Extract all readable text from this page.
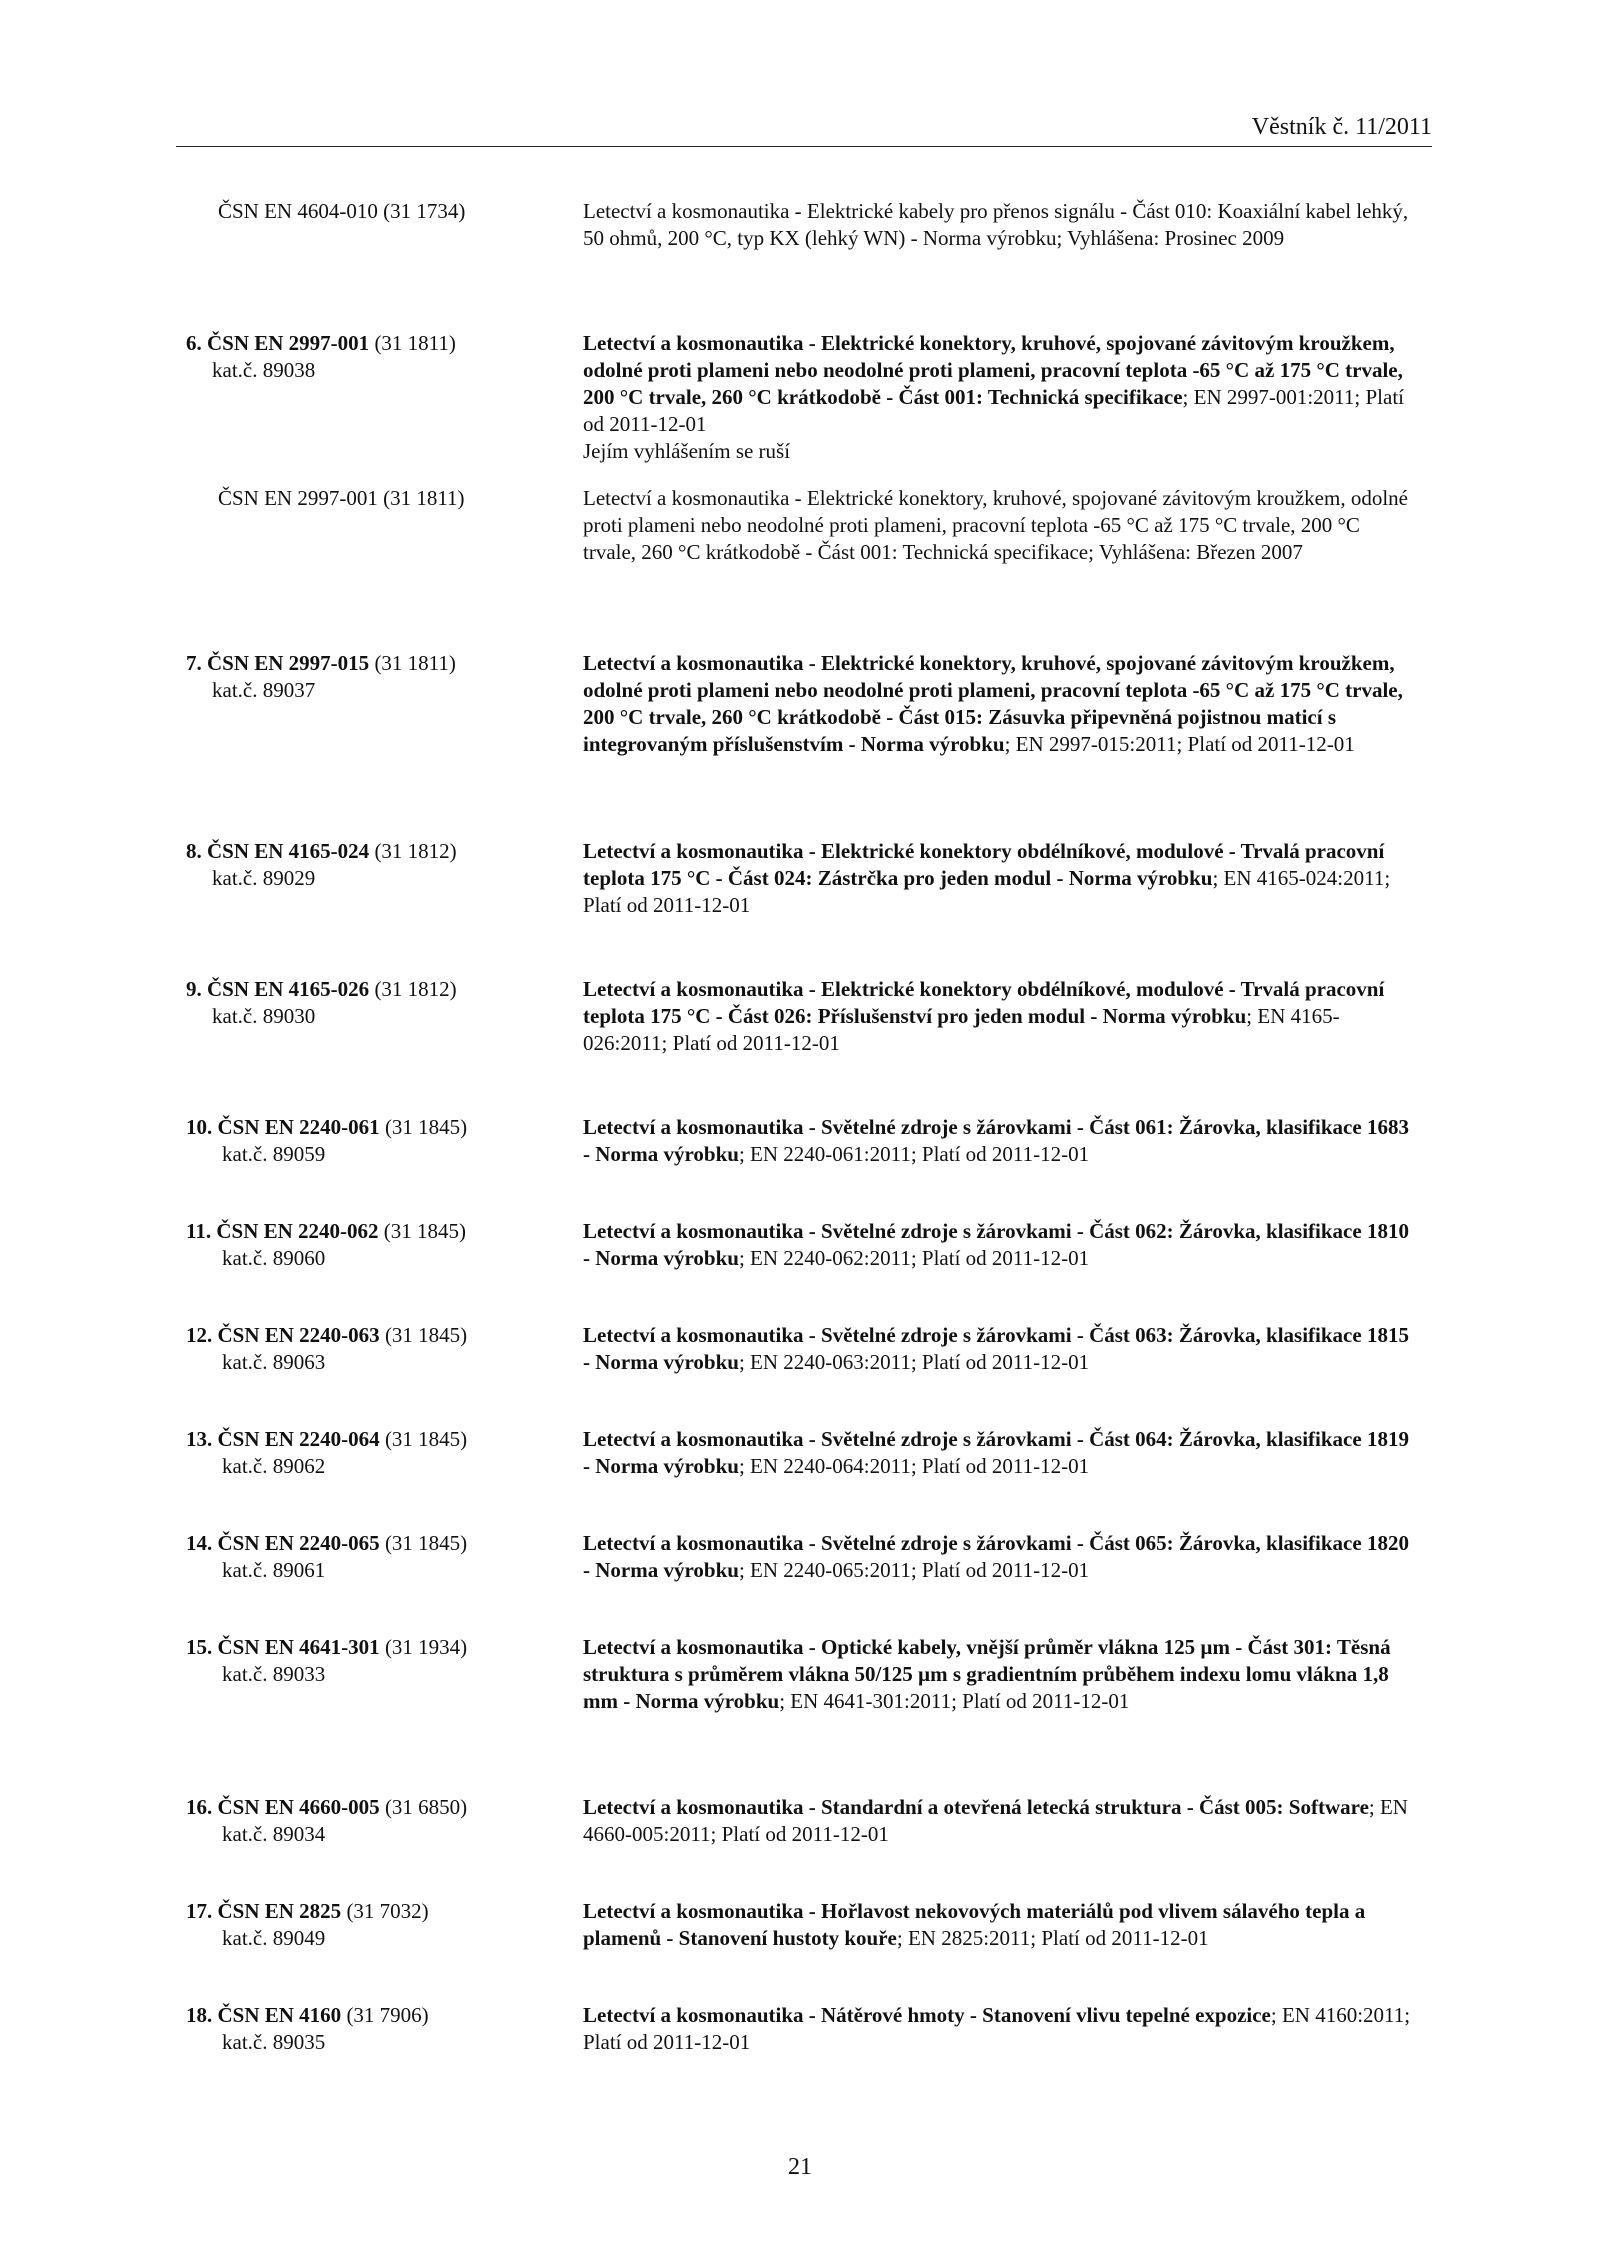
Věstník č. 11/2011
ČSN EN 4604-010 (31 1734)	Letectví a kosmonautika - Elektrické kabely pro přenos signálu - Část 010: Koaxiální kabel lehký, 50 ohmů, 200 °C, typ KX (lehký WN) - Norma výrobku; Vyhlášena: Prosinec 2009
6. ČSN EN 2997-001 (31 1811)
kat.č. 89038
Letectví a kosmonautika - Elektrické konektory, kruhové, spojované závitovým kroužkem, odolné proti plameni nebo neodolné proti plameni, pracovní teplota -65 °C až 175 °C trvale, 200 °C trvale, 260 °C krátkodobě - Část 001: Technická specifikace; EN 2997-001:2011; Platí od 2011-12-01
Jejím vyhlášením se ruší
ČSN EN 2997-001 (31 1811)	Letectví a kosmonautika - Elektrické konektory, kruhové, spojované závitovým kroužkem, odolné proti plameni nebo neodolné proti plameni, pracovní teplota -65 °C až 175 °C trvale, 200 °C trvale, 260 °C krátkodobě - Část 001: Technická specifikace; Vyhlášena: Březen 2007
7. ČSN EN 2997-015 (31 1811)
kat.č. 89037
Letectví a kosmonautika - Elektrické konektory, kruhové, spojované závitovým kroužkem, odolné proti plameni nebo neodolné proti plameni, pracovní teplota -65 °C až 175 °C trvale, 200 °C trvale, 260 °C krátkodobě - Část 015: Zásuvka připevněná pojistnou maticí s integrovaným příslušenstvím - Norma výrobku; EN 2997-015:2011; Platí od 2011-12-01
8. ČSN EN 4165-024 (31 1812)
kat.č. 89029
Letectví a kosmonautika - Elektrické konektory obdélníkové, modulové - Trvalá pracovní teplota 175 °C - Část 024: Zástrčka pro jeden modul - Norma výrobku; EN 4165-024:2011; Platí od 2011-12-01
9. ČSN EN 4165-026 (31 1812)
kat.č. 89030
Letectví a kosmonautika - Elektrické konektory obdélníkové, modulové - Trvalá pracovní teplota 175 °C - Část 026: Příslušenství pro jeden modul - Norma výrobku; EN 4165-026:2011; Platí od 2011-12-01
10. ČSN EN 2240-061 (31 1845)
kat.č. 89059
Letectví a kosmonautika - Světelné zdroje s žárovkami - Část 061: Žárovka, klasifikace 1683 - Norma výrobku; EN 2240-061:2011; Platí od 2011-12-01
11. ČSN EN 2240-062 (31 1845)
kat.č. 89060
Letectví a kosmonautika - Světelné zdroje s žárovkami - Část 062: Žárovka, klasifikace 1810 - Norma výrobku; EN 2240-062:2011; Platí od 2011-12-01
12. ČSN EN 2240-063 (31 1845)
kat.č. 89063
Letectví a kosmonautika - Světelné zdroje s žárovkami - Část 063: Žárovka, klasifikace 1815 - Norma výrobku; EN 2240-063:2011; Platí od 2011-12-01
13. ČSN EN 2240-064 (31 1845)
kat.č. 89062
Letectví a kosmonautika - Světelné zdroje s žárovkami - Část 064: Žárovka, klasifikace 1819 - Norma výrobku; EN 2240-064:2011; Platí od 2011-12-01
14. ČSN EN 2240-065 (31 1845)
kat.č. 89061
Letectví a kosmonautika - Světelné zdroje s žárovkami - Část 065: Žárovka, klasifikace 1820 - Norma výrobku; EN 2240-065:2011; Platí od 2011-12-01
15. ČSN EN 4641-301 (31 1934)
kat.č. 89033
Letectví a kosmonautika - Optické kabely, vnější průměr vlákna 125 µm - Část 301: Těsná struktura s průměrem vlákna 50/125 µm s gradientním průběhem indexu lomu vlákna 1,8 mm - Norma výrobku; EN 4641-301:2011; Platí od 2011-12-01
16. ČSN EN 4660-005 (31 6850)
kat.č. 89034
Letectví a kosmonautika - Standardní a otevřená letecká struktura - Část 005: Software; EN 4660-005:2011; Platí od 2011-12-01
17. ČSN EN 2825 (31 7032)
kat.č. 89049
Letectví a kosmonautika - Hořlavost nekovových materiálů pod vlivem sálavého tepla a plamenů - Stanovení hustoty kouře; EN 2825:2011; Platí od 2011-12-01
18. ČSN EN 4160 (31 7906)
kat.č. 89035
Letectví a kosmonautika - Nátěrové hmoty - Stanovení vlivu tepelné expozice; EN 4160:2011; Platí od 2011-12-01
21
